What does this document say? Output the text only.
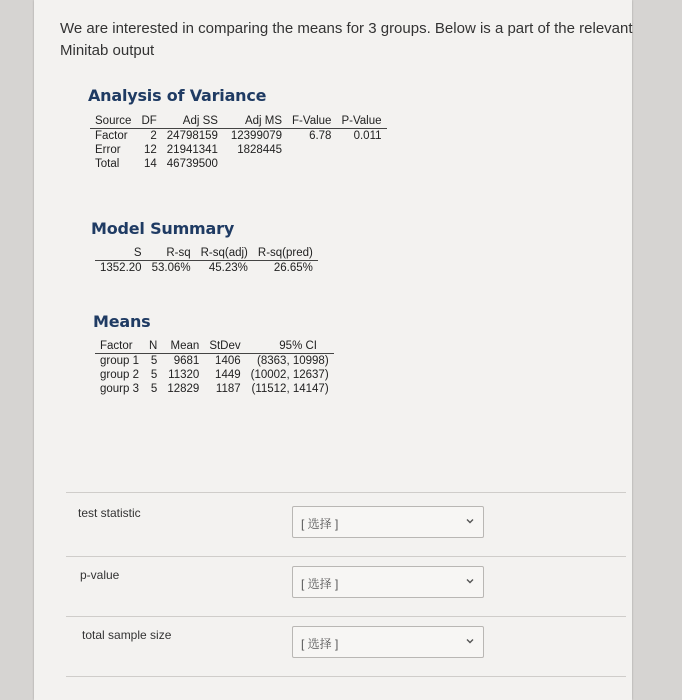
We are interested in comparing the means for 3 groups. Below is a part of the relevant Minitab output
Analysis of Variance
Source	DF	Adj SS	Adj MS	F-Value	P-Value
Factor	2	24798159	12399079	6.78	0.011
Error	12	21941341	1828445		
Total	14	46739500			
Model Summary
S	R-sq	R-sq(adj)	R-sq(pred)
1352.20	53.06%	45.23%	26.65%
Means
Factor	N	Mean	StDev	95% CI
group 1	5	9681	1406	(8363, 10998)
group 2	5	11320	1449	(10002, 12637)
gourp 3	5	12829	1187	(11512, 14147)
test statistic
[ 选择 ]
p-value
[ 选择 ]
total sample size
[ 选择 ]
